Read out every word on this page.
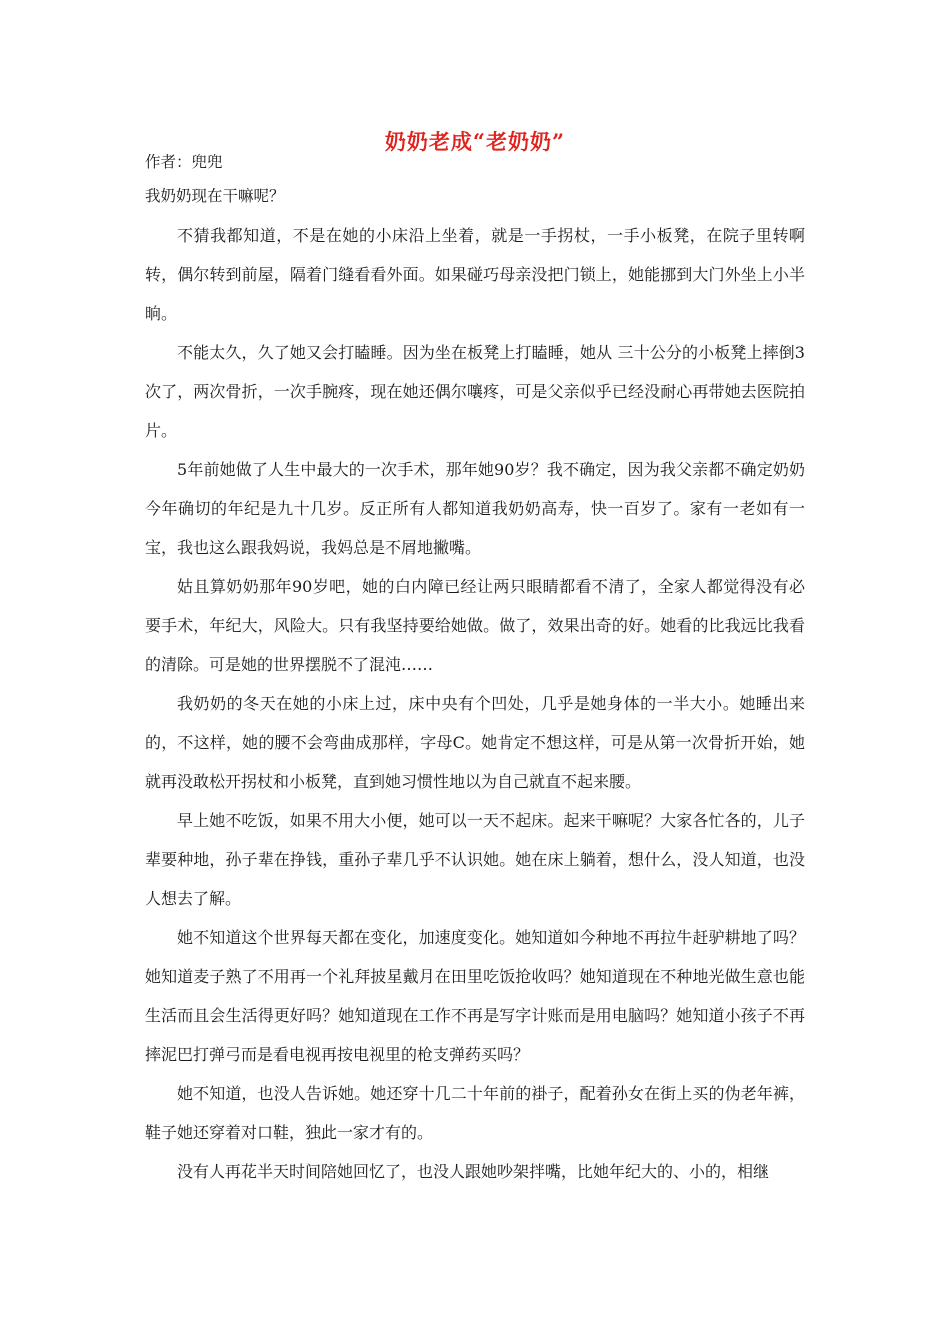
奶奶老成“老奶奶”
作者：兜兜
我奶奶现在干嘛呢？

不猜我都知道，不是在她的小床沿上坐着，就是一手拐杖，一手小板凳，在院子里转啊转，偶尔转到前屋，隔着门缝看看外面。如果碰巧母亲没把门锁上，她能挪到大门外坐上小半晌。

不能太久，久了她又会打瞌睡。因为坐在板凳上打瞌睡，她从 三十公分的小板凳上摔倒3次了，两次骨折，一次手腕疼，现在她还偶尔嚷疼，可是父亲似乎已经没耐心再带她去医院拍片。

5年前她做了人生中最大的一次手术，那年她90岁？我不确定，因为我父亲都不确定奶奶今年确切的年纪是九十几岁。反正所有人都知道我奶奶高寿，快一百岁了。家有一老如有一宝，我也这么跟我妈说，我妈总是不屑地撇嘴。

姑且算奶奶那年90岁吧，她的白内障已经让两只眼睛都看不清了，全家人都觉得没有必要手术，年纪大，风险大。只有我坚持要给她做。做了，效果出奇的好。她看的比我远比我看的清除。可是她的世界摆脱不了混沌……

我奶奶的冬天在她的小床上过，床中央有个凹处，几乎是她身体的一半大小。她睡出来的，不这样，她的腰不会弯曲成那样，字母C。她肯定不想这样，可是从第一次骨折开始，她就再没敢松开拐杖和小板凳，直到她习惯性地以为自己就直不起来腰。

早上她不吃饭，如果不用大小便，她可以一天不起床。起来干嘛呢？大家各忙各的，儿子辈要种地，孙子辈在挣钱，重孙子辈几乎不认识她。她在床上躺着，想什么，没人知道，也没人想去了解。

她不知道这个世界每天都在变化，加速度变化。她知道如今种地不再拉牛赶驴耕地了吗？她知道麦子熟了不用再一个礼拜披星戴月在田里吃饭抢收吗？她知道现在不种地光做生意也能生活而且会生活得更好吗？她知道现在工作不再是写字计账而是用电脑吗？她知道小孩子不再摔泥巴打弹弓而是看电视再按电视里的枪支弹药买吗？

她不知道，也没人告诉她。她还穿十几二十年前的褂子，配着孙女在街上买的伪老年裤，鞋子她还穿着对口鞋，独此一家才有的。

没有人再花半天时间陪她回忆了，也没人跟她吵架拌嘴，比她年纪大的、小的，相继
